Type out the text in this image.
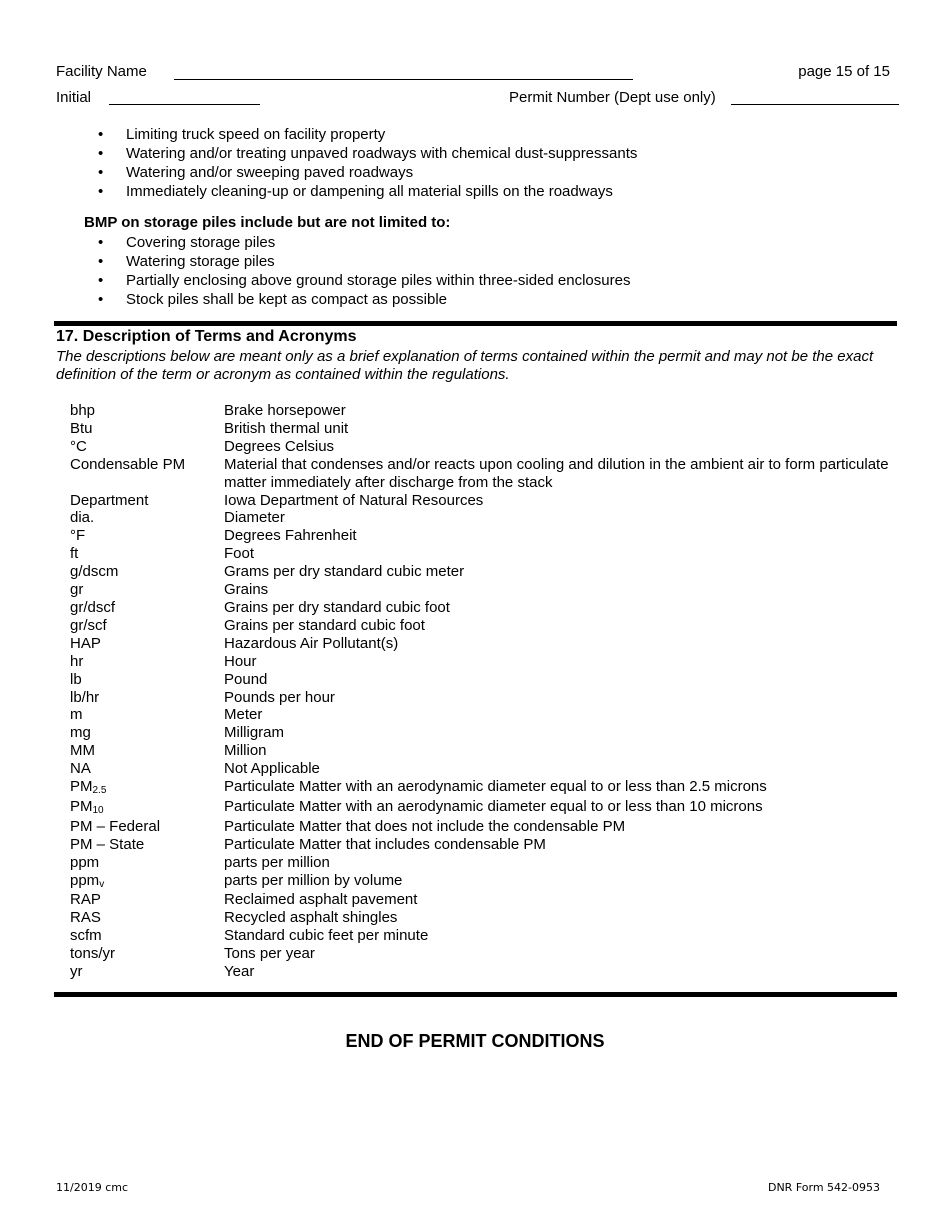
Facility Name	page 15 of 15
Initial	Permit Number (Dept use only)
• Limiting truck speed on facility property
• Watering and/or treating unpaved roadways with chemical dust-suppressants
• Watering and/or sweeping paved roadways
• Immediately cleaning-up or dampening all material spills on the roadways
BMP on storage piles include but are not limited to:
• Covering storage piles
• Watering storage piles
• Partially enclosing above ground storage piles within three-sided enclosures
• Stock piles shall be kept as compact as possible
17. Description of Terms and Acronyms
The descriptions below are meant only as a brief explanation of terms contained within the permit and may not be the exact definition of the term or acronym as contained within the regulations.
bhp	Brake horsepower
Btu	British thermal unit
°C	Degrees Celsius
Condensable PM	Material that condenses and/or reacts upon cooling and dilution in the ambient air to form particulate matter immediately after discharge from the stack
Department	Iowa Department of Natural Resources
dia.	Diameter
°F	Degrees Fahrenheit
ft	Foot
g/dscm	Grams per dry standard cubic meter
gr	Grains
gr/dscf	Grains per dry standard cubic foot
gr/scf	Grains per standard cubic foot
HAP	Hazardous Air Pollutant(s)
hr	Hour
lb	Pound
lb/hr	Pounds per hour
m	Meter
mg	Milligram
MM	Million
NA	Not Applicable
$PM_{2.5}$	Particulate Matter with an aerodynamic diameter equal to or less than 2.5 microns
$PM_{10}$	Particulate Matter with an aerodynamic diameter equal to or less than 10 microns
PM – Federal	Particulate Matter that does not include the condensable PM
PM – State	Particulate Matter that includes condensable PM
ppm	parts per million
ppm$_v$	parts per million by volume
RAP	Reclaimed asphalt pavement
RAS	Recycled asphalt shingles
scfm	Standard cubic feet per minute
tons/yr	Tons per year
yr	Year
END OF PERMIT CONDITIONS
11/2019 cmc	DNR Form 542-0953
